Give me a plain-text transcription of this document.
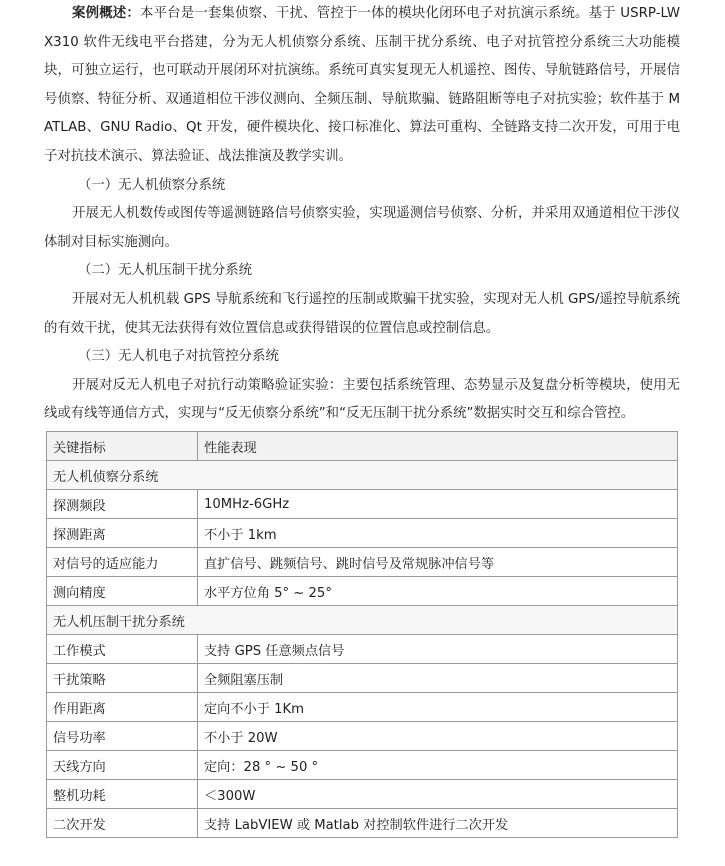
案例概述：本平台是一套集侦察、干扰、管控于一体的模块化闭环电子对抗演示系统。基于 USRP-LW X310 软件无线电平台搭建，分为无人机侦察分系统、压制干扰分系统、电子对抗管控分系统三大功能模块，可独立运行，也可联动开展闭环对抗演练。系统可真实复现无人机遥控、图传、导航链路信号，开展信号侦察、特征分析、双通道相位干涉仪测向、全频压制、导航欺骗、链路阻断等电子对抗实验；软件基于 MATLAB、GNU Radio、Qt 开发，硬件模块化、接口标准化、算法可重构、全链路支持二次开发，可用于电子对抗技术演示、算法验证、战法推演及教学实训。

（一）无人机侦察分系统

开展无人机数传或图传等遥测链路信号侦察实验，实现遥测信号侦察、分析，并采用双通道相位干涉仪体制对目标实施测向。

（二）无人机压制干扰分系统

开展对无人机机载 GPS 导航系统和飞行遥控的压制或欺骗干扰实验，实现对无人机 GPS/遥控导航系统的有效干扰，使其无法获得有效位置信息或获得错误的位置信息或控制信息。

（三）无人机电子对抗管控分系统

开展对反无人机电子对抗行动策略验证实验：主要包括系统管理、态势显示及复盘分析等模块，使用无线或有线等通信方式，实现与“反无侦察分系统”和“反无压制干扰分系统”数据实时交互和综合管控。

关键指标	性能表现
无人机侦察分系统	
探测频段	10MHz-6GHz
探测距离	不小于 1km
对信号的适应能力	直扩信号、跳频信号、跳时信号及常规脉冲信号等
测向精度	水平方位角 5° ~ 25°
无人机压制干扰分系统	
工作模式	支持 GPS 任意频点信号
干扰策略	全频阻塞压制
作用距离	定向不小于 1Km
信号功率	不小于 20W
天线方向	定向：28 ° ~ 50 °
整机功耗	＜300W
二次开发	支持 LabVIEW 或 Matlab 对控制软件进行二次开发
